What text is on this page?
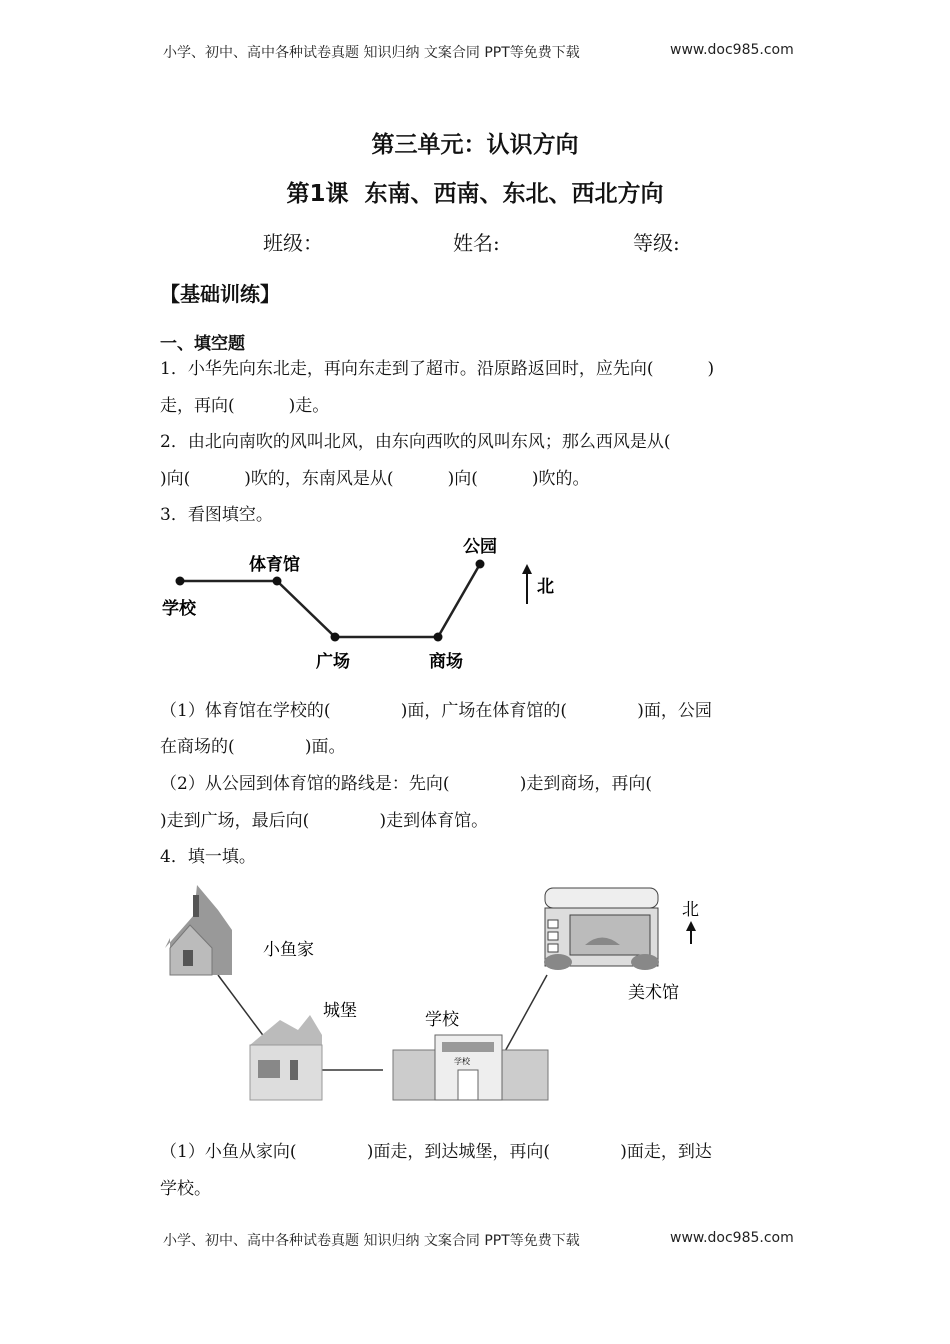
小学、初中、高中各种试卷真题 知识归纳 文案合同 PPT等免费下载	www.doc985.com
第三单元：认识方向
第1课  东南、西南、东北、西北方向
班级：	姓名:	等级:
【基础训练】
一、填空题
1．小华先向东北走，再向东走到了超市。沿原路返回时，应先向(          )
走，再向(          )走。
2．由北向南吹的风叫北风，由东向西吹的风叫东风；那么西风是从(
)向(          )吹的，东南风是从(          )向(          )吹的。
3．看图填空。
学校
体育馆
广场	商场
公园
北
（1）体育馆在学校的(             )面，广场在体育馆的(             )面，公园
在商场的(             )面。
（2）从公园到体育馆的路线是：先向(             )走到商场，再向(
)走到广场，最后向(             )走到体育馆。
4．填一填。
小鱼家
城堡
学校
学校
美术馆
北
（1）小鱼从家向(             )面走，到达城堡，再向(             )面走，到达
学校。
小学、初中、高中各种试卷真题 知识归纳 文案合同 PPT等免费下载	www.doc985.com
